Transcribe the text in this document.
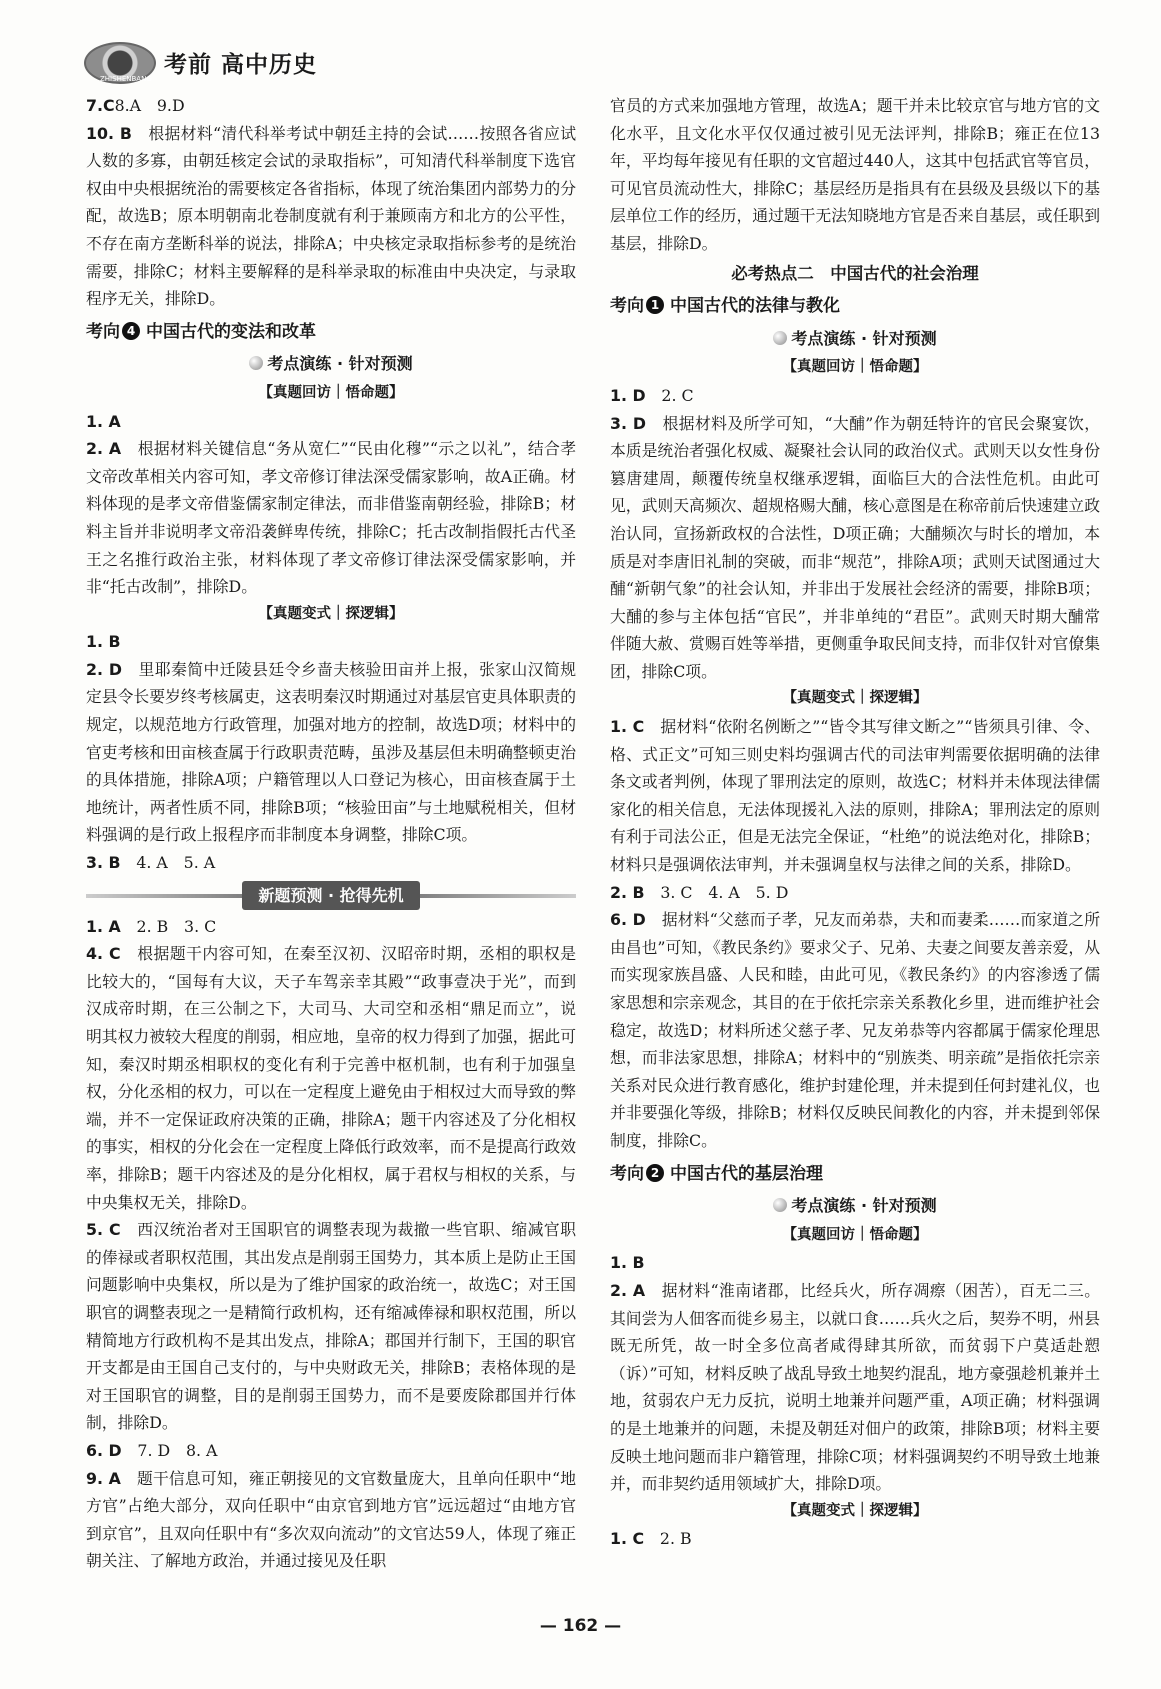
ZHISHENBANG
考前 高中历史

7.C8.A　9.D

10. B　根据材料“清代科举考试中朝廷主持的会试……按照各省应试人数的多寡，由朝廷核定会试的录取指标”，可知清代科举制度下选官权由中央根据统治的需要核定各省指标，体现了统治集团内部势力的分配，故选B；原本明朝南北卷制度就有利于兼顾南方和北方的公平性，不存在南方垄断科举的说法，排除A；中央核定录取指标参考的是统治需要，排除C；材料主要解释的是科举录取的标准由中央决定，与录取程序无关，排除D。

考向 4 中国古代的变法和改革
考点演练 · 针对预测
【真题回访｜悟命题】

1. A

2. A　根据材料关键信息“务从宽仁”“民由化穆”“示之以礼”，结合孝文帝改革相关内容可知，孝文帝修订律法深受儒家影响，故A正确。材料体现的是孝文帝借鉴儒家制定律法，而非借鉴南朝经验，排除B；材料主旨并非说明孝文帝沿袭鲜卑传统，排除C；托古改制指假托古代圣王之名推行政治主张，材料体现了孝文帝修订律法深受儒家影响，并非“托古改制”，排除D。

【真题变式｜探逻辑】

1. B

2. D　里耶秦简中迁陵县廷令乡啬夫核验田亩并上报，张家山汉简规定县令长要岁终考核属吏，这表明秦汉时期通过对基层官吏具体职责的规定，以规范地方行政管理，加强对地方的控制，故选D项；材料中的官吏考核和田亩核查属于行政职责范畴，虽涉及基层但未明确整顿吏治的具体措施，排除A项；户籍管理以人口登记为核心，田亩核查属于土地统计，两者性质不同，排除B项；“核验田亩”与土地赋税相关，但材料强调的是行政上报程序而非制度本身调整，排除C项。

3. B　4. A　5. A

新题预测 · 抢得先机

1. A　2. B　3. C

4. C　根据题干内容可知，在秦至汉初、汉昭帝时期，丞相的职权是比较大的，“国每有大议，天子车驾亲幸其殿”“政事壹决于光”，而到汉成帝时期，在三公制之下，大司马、大司空和丞相“鼎足而立”，说明其权力被较大程度的削弱，相应地，皇帝的权力得到了加强，据此可知，秦汉时期丞相职权的变化有利于完善中枢机制，也有利于加强皇权，分化丞相的权力，可以在一定程度上避免由于相权过大而导致的弊端，并不一定保证政府决策的正确，排除A；题干内容述及了分化相权的事实，相权的分化会在一定程度上降低行政效率，而不是提高行政效率，排除B；题干内容述及的是分化相权，属于君权与相权的关系，与中央集权无关，排除D。

5. C　西汉统治者对王国职官的调整表现为裁撤一些官职、缩减官职的俸禄或者职权范围，其出发点是削弱王国势力，其本质上是防止王国问题影响中央集权，所以是为了维护国家的政治统一，故选C；对王国职官的调整表现之一是精简行政机构，还有缩减俸禄和职权范围，所以精简地方行政机构不是其出发点，排除A；郡国并行制下，王国的职官开支都是由王国自己支付的，与中央财政无关，排除B；表格体现的是对王国职官的调整，目的是削弱王国势力，而不是要废除郡国并行体制，排除D。

6. D　7. D　8. A

9. A　题干信息可知，雍正朝接见的文官数量庞大，且单向任职中“地方官”占绝大部分，双向任职中“由京官到地方官”远远超过“由地方官到京官”，且双向任职中有“多次双向流动”的文官达59人，体现了雍正朝关注、了解地方政治，并通过接见及任职

官员的方式来加强地方管理，故选A；题干并未比较京官与地方官的文化水平，且文化水平仅仅通过被引见无法评判，排除B；雍正在位13年，平均每年接见有任职的文官超过440人，这其中包括武官等官员，可见官员流动性大，排除C；基层经历是指具有在县级及县级以下的基层单位工作的经历，通过题干无法知晓地方官是否来自基层，或任职到基层，排除D。

必考热点二　中国古代的社会治理
考向 1 中国古代的法律与教化
考点演练 · 针对预测
【真题回访｜悟命题】

1. D　2. C

3. D　根据材料及所学可知，“大酺”作为朝廷特许的官民会聚宴饮，本质是统治者强化权威、凝聚社会认同的政治仪式。武则天以女性身份篡唐建周，颠覆传统皇权继承逻辑，面临巨大的合法性危机。由此可见，武则天高频次、超规格赐大酺，核心意图是在称帝前后快速建立政治认同，宣扬新政权的合法性，D项正确；大酺频次与时长的增加，本质是对李唐旧礼制的突破，而非“规范”，排除A项；武则天试图通过大酺“新朝气象”的社会认知，并非出于发展社会经济的需要，排除B项；大酺的参与主体包括“官民”，并非单纯的“君臣”。武则天时期大酺常伴随大赦、赏赐百姓等举措，更侧重争取民间支持，而非仅针对官僚集团，排除C项。

【真题变式｜探逻辑】

1. C　据材料“依附名例断之”“皆令其写律文断之”“皆须具引律、令、格、式正文”可知三则史料均强调古代的司法审判需要依据明确的法律条文或者判例，体现了罪刑法定的原则，故选C；材料并未体现法律儒家化的相关信息，无法体现援礼入法的原则，排除A；罪刑法定的原则有利于司法公正，但是无法完全保证，“杜绝”的说法绝对化，排除B；材料只是强调依法审判，并未强调皇权与法律之间的关系，排除D。

2. B　3. C　4. A　5. D

6. D　据材料“父慈而子孝，兄友而弟恭，夫和而妻柔……而家道之所由昌也”可知，《教民条约》要求父子、兄弟、夫妻之间要友善亲爱，从而实现家族昌盛、人民和睦，由此可见，《教民条约》的内容渗透了儒家思想和宗亲观念，其目的在于依托宗亲关系教化乡里，进而维护社会稳定，故选D；材料所述父慈子孝、兄友弟恭等内容都属于儒家伦理思想，而非法家思想，排除A；材料中的“别族类、明亲疏”是指依托宗亲关系对民众进行教育感化，维护封建伦理，并未提到任何封建礼仪，也并非要强化等级，排除B；材料仅反映民间教化的内容，并未提到邻保制度，排除C。

考向 2 中国古代的基层治理
考点演练 · 针对预测
【真题回访｜悟命题】

1. B

2. A　据材料“淮南诸郡，比经兵火，所存凋瘵（困苦），百无二三。其间尝为人佃客而徙乡易主，以就口食……兵火之后，契券不明，州县既无所凭，故一时全多位高者咸得肆其所欲，而贫弱下户莫适赴愬（诉）”可知，材料反映了战乱导致土地契约混乱，地方豪强趁机兼并土地，贫弱农户无力反抗，说明土地兼并问题严重，A项正确；材料强调的是土地兼并的问题，未提及朝廷对佃户的政策，排除B项；材料主要反映土地问题而非户籍管理，排除C项；材料强调契约不明导致土地兼并，而非契约适用领域扩大，排除D项。

【真题变式｜探逻辑】

1. C　2. B

— 162 —
